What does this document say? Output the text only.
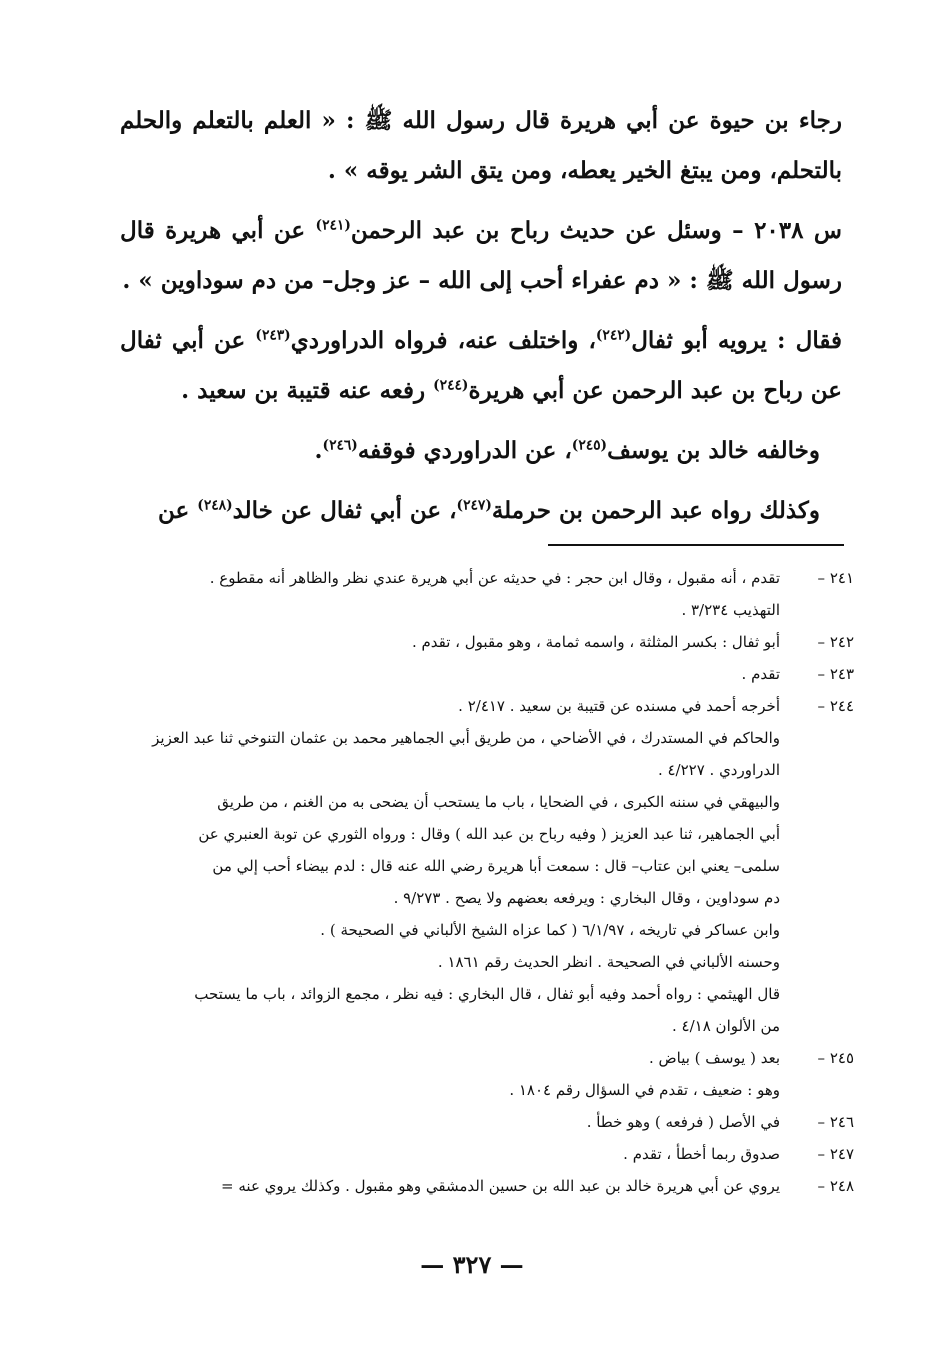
رجاء بن حيوة عن أبي هريرة قال رسول الله ﷺ : « العلم بالتعلم والحلم بالتحلم، ومن يبتغ الخير يعطه، ومن يتق الشر يوقه » .

س ٢٠٣٨ – وسئل عن حديث رباح بن عبد الرحمن$^{(٢٤١)}$ عن أبي هريرة قال رسول الله ﷺ : « دم عفراء أحب إلى الله – عز وجل– من دم سوداوين » .

فقال : يرويه أبو ثفال$^{(٢٤٢)}$، واختلف عنه، فرواه الدراوردي$^{(٢٤٣)}$ عن أبي ثفال عن رباح بن عبد الرحمن عن أبي هريرة$^{(٢٤٤)}$ رفعه عنه قتيبة بن سعيد .

وخالفه خالد بن يوسف$^{(٢٤٥)}$، عن الدراوردي فوقفه$^{(٢٤٦)}$.

وكذلك رواه عبد الرحمن بن حرملة$^{(٢٤٧)}$، عن أبي ثفال عن خالد$^{(٢٤٨)}$ عن

٢٤١ –
تقدم ، أنه مقبول ، وقال ابن حجر : في حديثه عن أبي هريرة عندي نظر والظاهر أنه مقطوع .
التهذيب ٣/٢٣٤ .
٢٤٢ –
أبو ثفال : بكسر المثلثة ، واسمه ثمامة ، وهو مقبول ، تقدم .
٢٤٣ –
تقدم .
٢٤٤ –
أخرجه أحمد في مسنده عن قتيبة بن سعيد . ٢/٤١٧ .
والحاكم في المستدرك ، في الأضاحي ، من طريق أبي الجماهير محمد بن عثمان التنوخي ثنا عبد العزيز
الدراوردي . ٤/٢٢٧ .
والبيهقي في سننه الكبرى ، في الضحايا ، باب ما يستحب أن يضحى به من الغنم ، من طريق
أبي الجماهير، ثنا عبد العزيز ( وفيه رباح بن عبد الله ) وقال : ورواه الثوري عن توبة العنبري عن
سلمى– يعني ابن عتاب– قال : سمعت أبا هريرة رضي الله عنه قال : لدم بيضاء أحب إلي من
دم سوداوين ، وقال البخاري : ويرفعه بعضهم ولا يصح . ٩/٢٧٣ .
وابن عساكر في تاريخه ، ٦/١/٩٧ ( كما عزاه الشيخ الألباني في الصحيحة ) .
وحسنه الألباني في الصحيحة . انظر الحديث رقم ١٨٦١ .
قال الهيثمي : رواه أحمد وفيه أبو ثفال ، قال البخاري : فيه نظر ، مجمع الزوائد ، باب ما يستحب
من الألوان ٤/١٨ .
٢٤٥ –
بعد ( يوسف ) بياض .
وهو : ضعيف ، تقدم في السؤال رقم ١٨٠٤ .
٢٤٦ –
في الأصل ( فرفعه ) وهو خطأ .
٢٤٧ –
صدوق ربما أخطأ ، تقدم .
٢٤٨ –
يروي عن أبي هريرة خالد بن عبد الله بن حسين الدمشقي وهو مقبول . وكذلك يروي عنه =
— ٣٢٧ —
